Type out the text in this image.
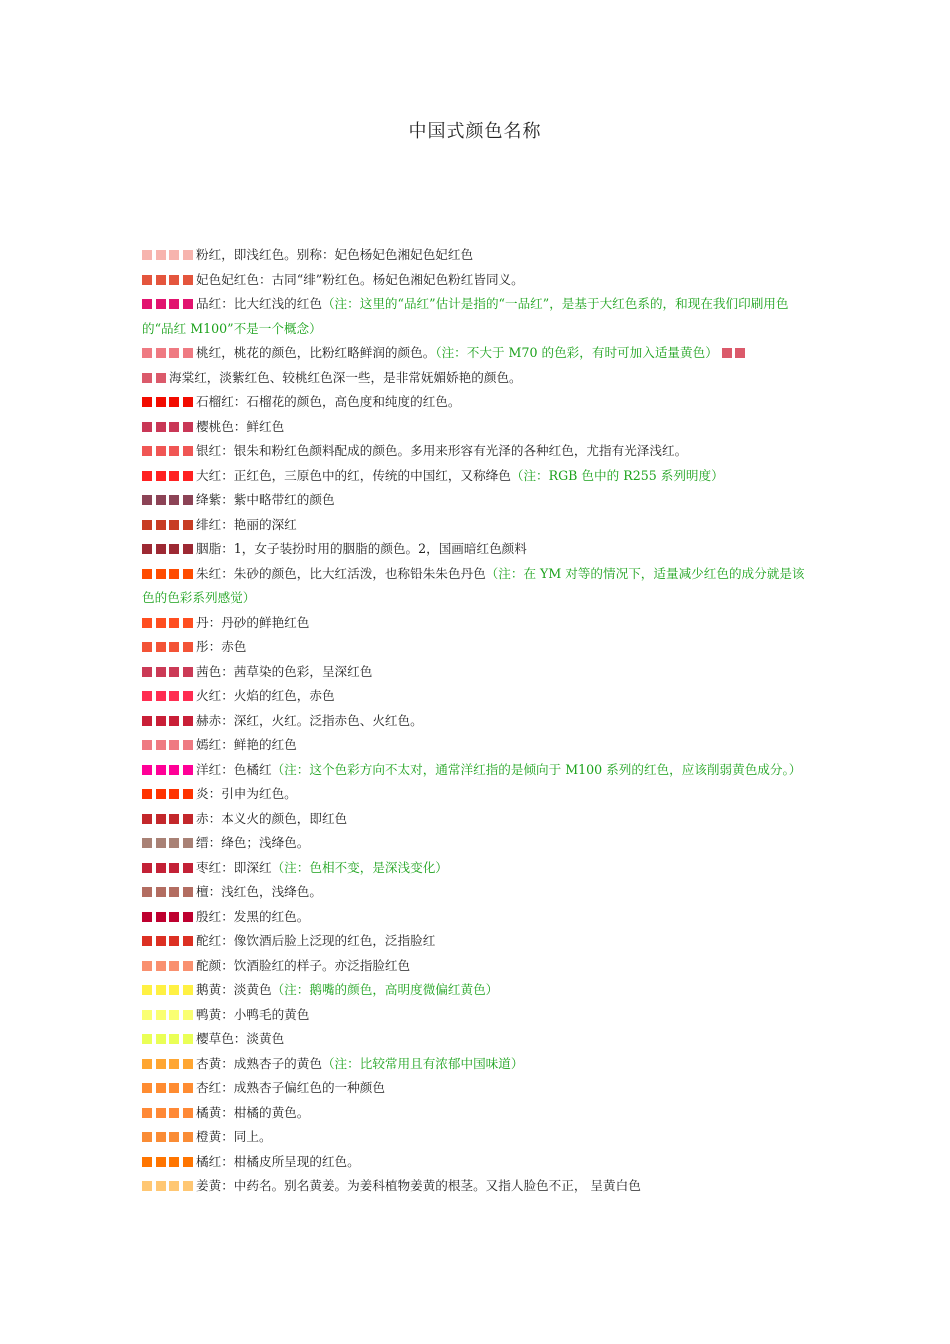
中国式颜色名称
粉红，即浅红色。别称：妃色杨妃色湘妃色妃红色
妃色妃红色：古同“绯”粉红色。杨妃色湘妃色粉红皆同义。
品红：比大红浅的红色（注：这里的“品红”估计是指的“一品红”，是基于大红色系的，和现在我们印刷用色的“品红 M100”不是一个概念）
桃红，桃花的颜色，比粉红略鲜润的颜色。（注：不大于 M70 的色彩，有时可加入适量黄色）
海棠红，淡紫红色、较桃红色深一些，是非常妩媚娇艳的颜色。
石榴红：石榴花的颜色，高色度和纯度的红色。
樱桃色：鲜红色
银红：银朱和粉红色颜料配成的颜色。多用来形容有光泽的各种红色，尤指有光泽浅红。
大红：正红色，三原色中的红，传统的中国红，又称绛色（注：RGB 色中的 R255 系列明度）
绛紫：紫中略带红的颜色
绯红：艳丽的深红
胭脂：1，女子装扮时用的胭脂的颜色。2，国画暗红色颜料
朱红：朱砂的颜色，比大红活泼，也称铅朱朱色丹色（注：在 YM 对等的情况下，适量减少红色的成分就是该色的色彩系列感觉）
丹：丹砂的鲜艳红色
彤：赤色
茜色：茜草染的色彩，呈深红色
火红：火焰的红色，赤色
赫赤：深红，火红。泛指赤色、火红色。
嫣红：鲜艳的红色
洋红：色橘红（注：这个色彩方向不太对，通常洋红指的是倾向于 M100 系列的红色，应该削弱黄色成分。）
炎：引申为红色。
赤：本义火的颜色，即红色
缙：绛色；浅绛色。
枣红：即深红（注：色相不变，是深浅变化）
檀：浅红色，浅绛色。
殷红：发黑的红色。
酡红：像饮酒后脸上泛现的红色，泛指脸红
酡颜：饮酒脸红的样子。亦泛指脸红色
鹅黄：淡黄色（注：鹅嘴的颜色，高明度微偏红黄色）
鸭黄：小鸭毛的黄色
樱草色：淡黄色
杏黄：成熟杏子的黄色（注：比较常用且有浓郁中国味道）
杏红：成熟杏子偏红色的一种颜色
橘黄：柑橘的黄色。
橙黄：同上。
橘红：柑橘皮所呈现的红色。
姜黄：中药名。别名黄姜。为姜科植物姜黄的根茎。又指人脸色不正， 呈黄白色
